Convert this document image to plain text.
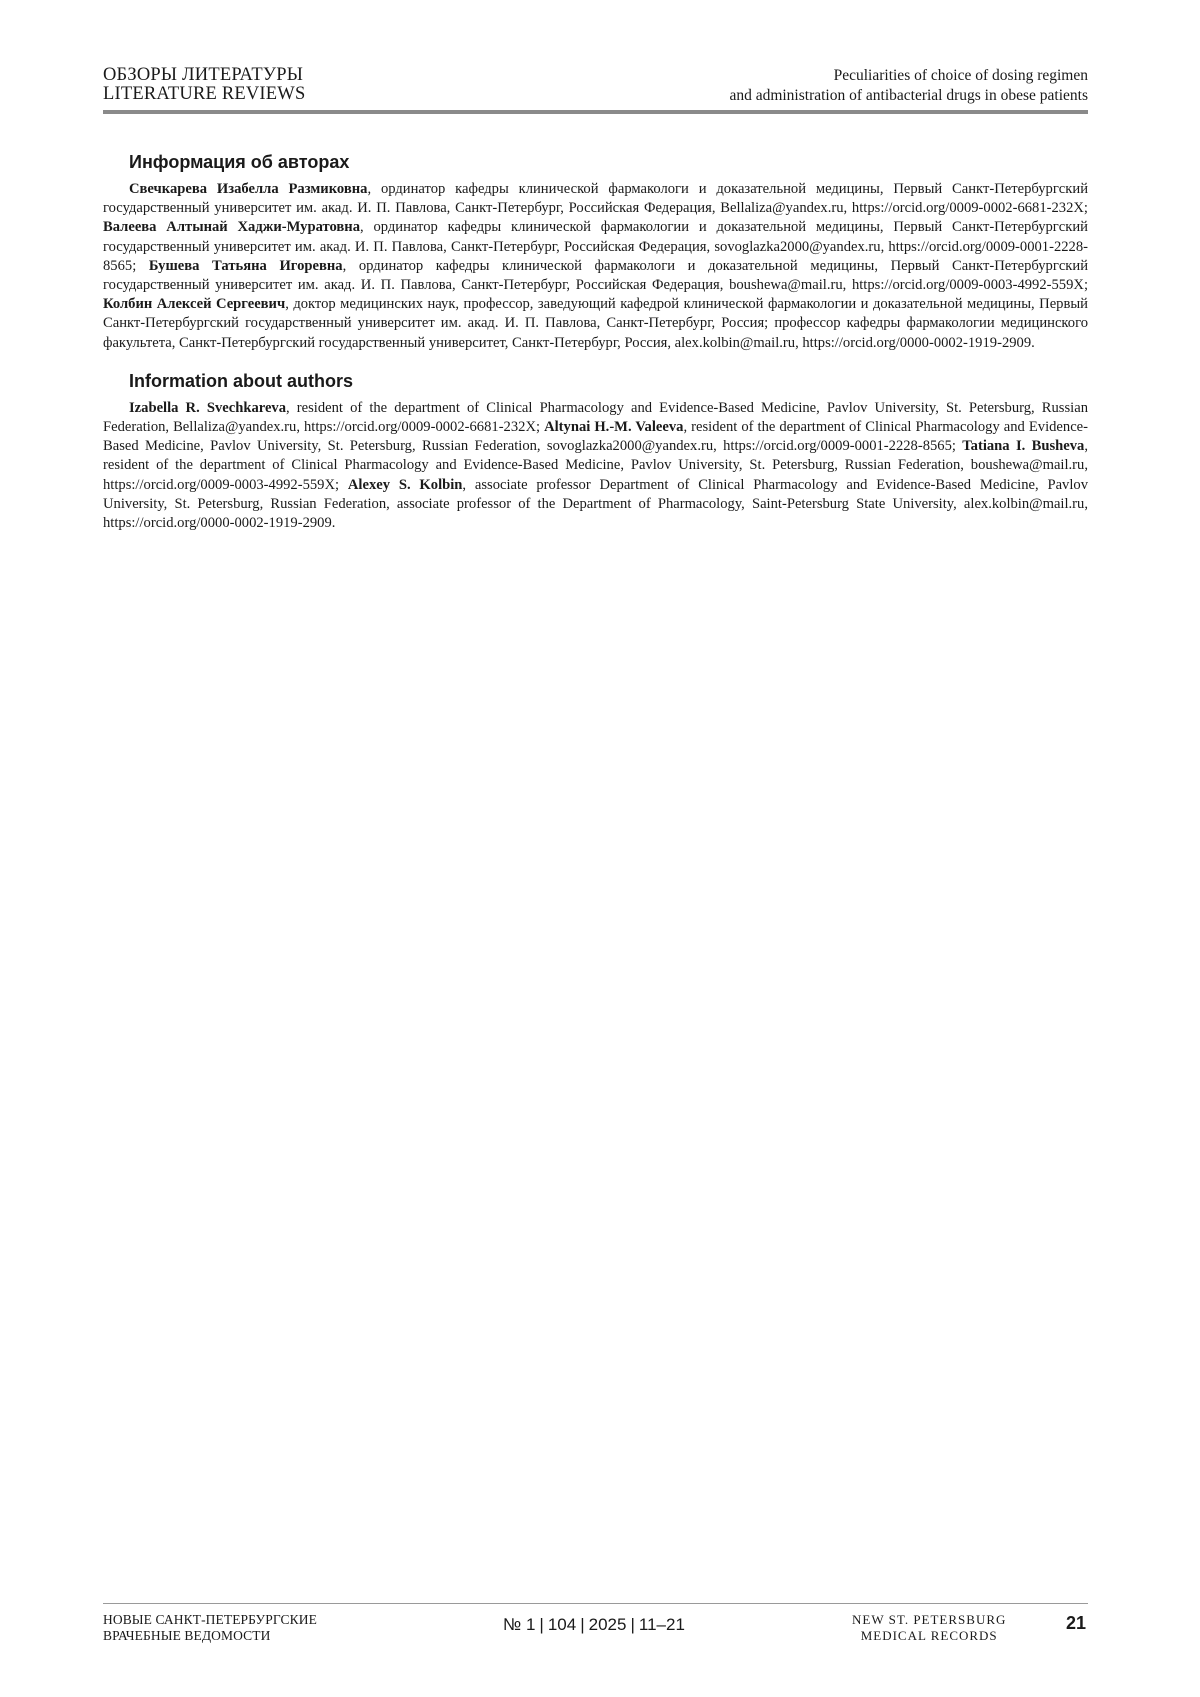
ОБЗОРЫ ЛИТЕРАТУРЫ
LITERATURE REVIEWS
Peculiarities of choice of dosing regimen
and administration of antibacterial drugs in obese patients
Информация об авторах

Свечкарева Изабелла Размиковна, ординатор кафедры клинической фармакологи и доказательной медицины, Первый Санкт-Петербургский государственный университет им. акад. И. П. Павлова, Санкт-Петербург, Российская Федерация, Bellaliza@yandex.ru, https://orcid.org/0009-0002-6681-232X; Валеева Алтынай Хаджи-Муратовна, ординатор кафедры клинической фармакологии и доказательной медицины, Первый Санкт-Петербургский государственный университет им. акад. И. П. Павлова, Санкт-Петербург, Российская Федерация, sovoglazka2000@yandex.ru, https://orcid.org/0009-0001-2228-8565; Бушева Татьяна Игоревна, ординатор кафедры клинической фармакологи и доказательной медицины, Первый Санкт-Петербургский государственный университет им. акад. И. П. Павлова, Санкт-Петербург, Российская Федерация, boushewa@mail.ru, https://orcid.org/0009-0003-4992-559X; Колбин Алексей Сергеевич, доктор медицинских наук, профессор, заведующий кафедрой клинической фармакологии и доказательной медицины, Первый Санкт-Петербургский государственный университет им. акад. И. П. Павлова, Санкт-Петербург, Россия; профессор кафедры фармакологии медицинского факультета, Санкт-Петербургский государственный университет, Санкт-Петербург, Россия, alex.kolbin@mail.ru, https://orcid.org/0000-0002-1919-2909.

Information about authors

Izabella R. Svechkareva, resident of the department of Clinical Pharmacology and Evidence-Based Medicine, Pavlov University, St. Petersburg, Russian Federation, Bellaliza@yandex.ru, https://orcid.org/0009-0002-6681-232X; Altynai H.-M. Valeeva, resident of the department of Clinical Pharmacology and Evidence-Based Medicine, Pavlov University, St. Petersburg, Russian Federation, sovoglazka2000@yandex.ru, https://orcid.org/0009-0001-2228-8565; Tatiana I. Busheva, resident of the department of Clinical Pharmacology and Evidence-Based Medicine, Pavlov University, St. Petersburg, Russian Federation, boushewa@mail.ru, https://orcid.org/0009-0003-4992-559X; Alexey S. Kolbin, associate professor Department of Clinical Pharmacology and Evidence-Based Medicine, Pavlov University, St. Petersburg, Russian Federation, associate professor of the Department of Pharmacology, Saint-Petersburg State University, alex.kolbin@mail.ru, https://orcid.org/0000-0002-1919-2909.

НОВЫЕ САНКТ-ПЕТЕРБУРГСКИЕ
ВРАЧЕБНЫЕ ВЕДОМОСТИ
№ 1 | 104 | 2025 | 11–21	NEW ST. PETERSBURG
MEDICAL RECORDS
21
